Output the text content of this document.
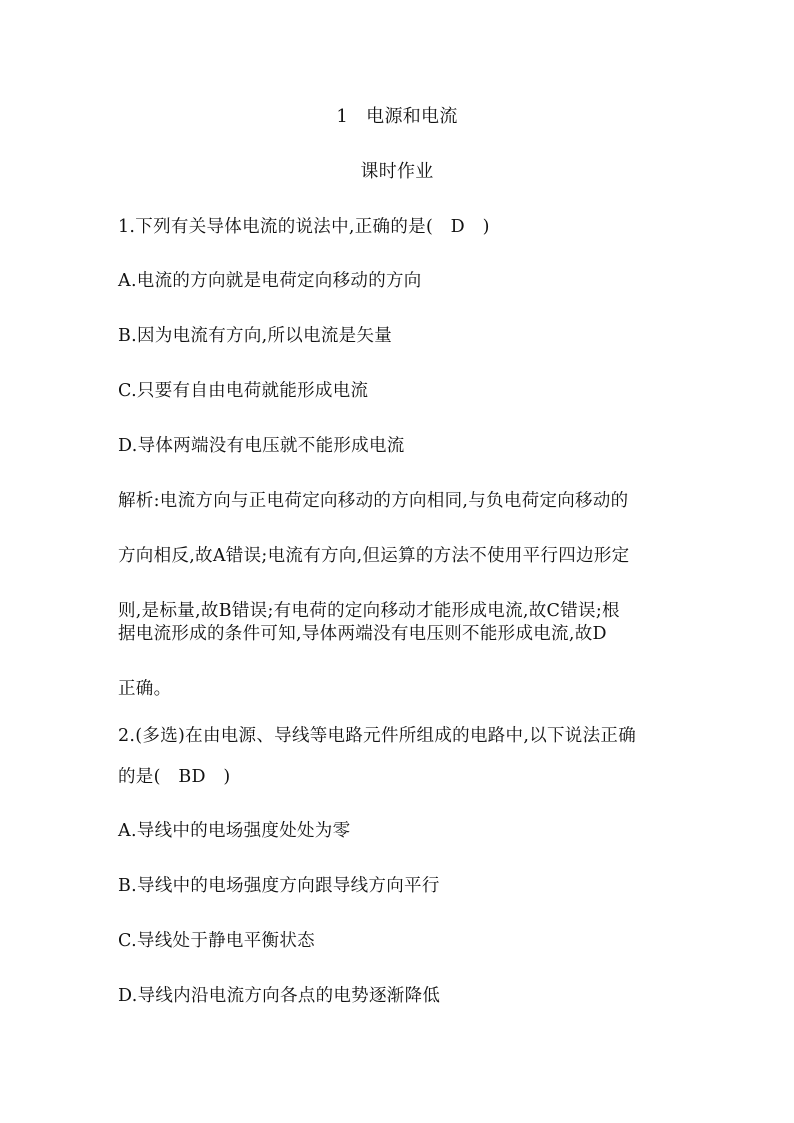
1   电源和电流
课时作业
1.下列有关导体电流的说法中,正确的是(   D   )
A.电流的方向就是电荷定向移动的方向
B.因为电流有方向,所以电流是矢量
C.只要有自由电荷就能形成电流
D.导体两端没有电压就不能形成电流
解析:电流方向与正电荷定向移动的方向相同,与负电荷定向移动的
方向相反,故A错误;电流有方向,但运算的方法不使用平行四边形定
则,是标量,故B错误;有电荷的定向移动才能形成电流,故C错误;根
据电流形成的条件可知,导体两端没有电压则不能形成电流,故D
正确。
2.(多选)在由电源、导线等电路元件所组成的电路中,以下说法正确
的是(   BD   )
A.导线中的电场强度处处为零
B.导线中的电场强度方向跟导线方向平行
C.导线处于静电平衡状态
D.导线内沿电流方向各点的电势逐渐降低
